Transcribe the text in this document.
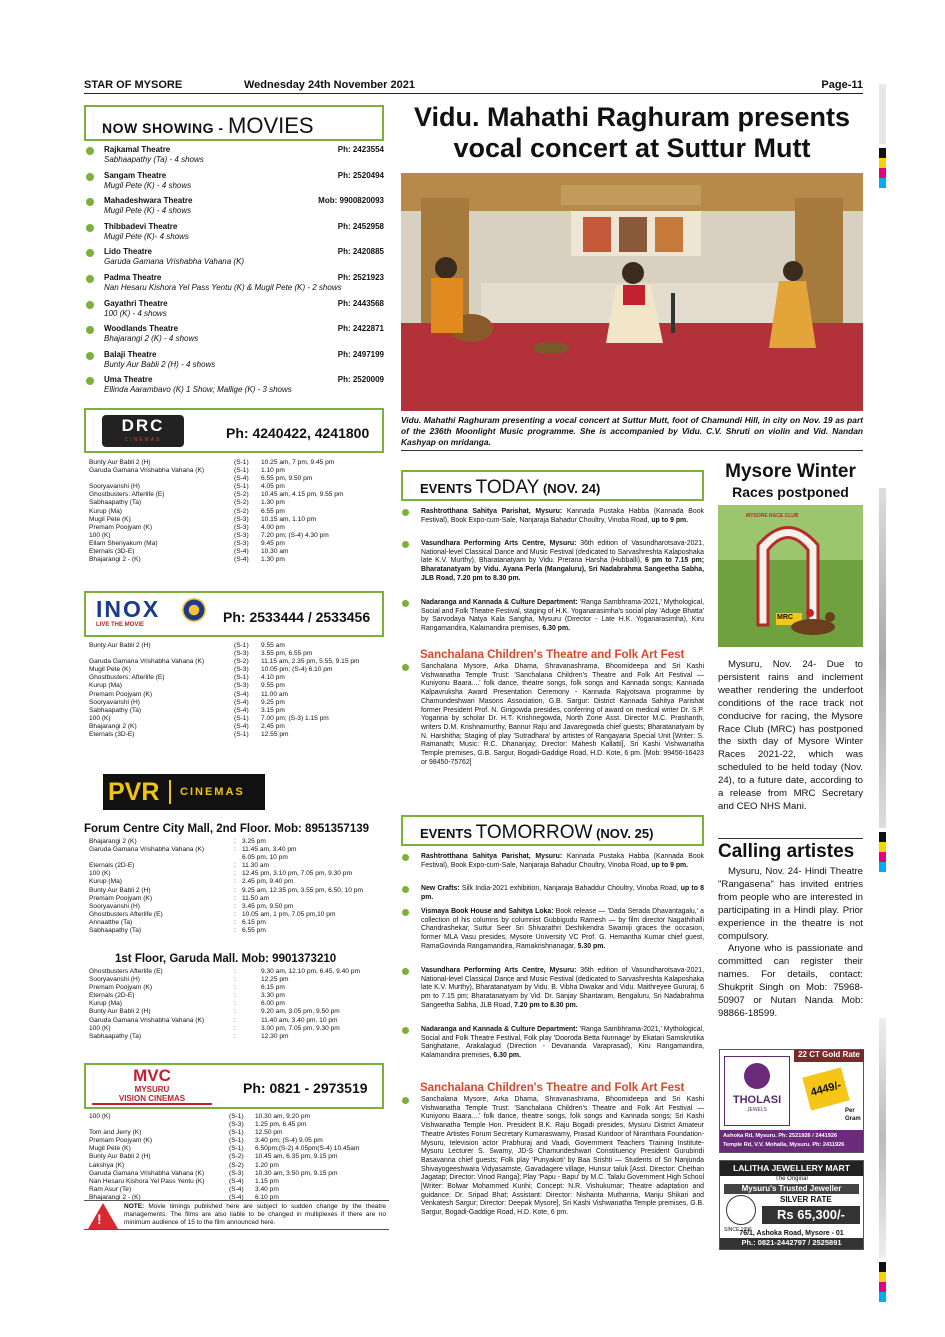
STAR OF MYSORE	Wednesday 24th November 2021	Page-11
NOW SHOWING - MOVIES
Rajkamal Theatre	Ph: 2423554
Sabhaapathy (Ta) - 4 shows
Sangam Theatre	Ph: 2520494
Mugil Pete (K) - 4 shows
Mahadeshwara Theatre	Mob: 9900820093
Mugil Pete (K) - 4 shows
Thibbadevi Theatre	Ph: 2452958
Mugil Pete (K)- 4 shows
Lido Theatre	Ph: 2420885
Garuda Gamana Vrishabha Vahana (K)
Padma Theatre	Ph: 2521923
Nan Hesaru Kishora Yel Pass Yentu (K) & Mugil Pete (K) - 2 shows
Gayathri Theatre	Ph: 2443568
100 (K) - 4 shows
Woodlands Theatre	Ph: 2422871
Bhajarangi 2 (K) - 4 shows
Balaji Theatre	Ph: 2497199
Bunty Aur Babli 2 (H) - 4 shows
Uma Theatre	Ph: 2520009
Ellinda Aarambavo (K) 1 Show; Mallige (K) - 3 shows
DRC
CINEMAS	Ph: 4240422, 4241800
Bunty Aur Babli 2 (H)	(S-1) 10.25 am, 7 pm, 9.45 pm
Garuda Gamana Vrishabha Vahana (K)	(S-1) 1.10 pm
(S-4) 6.55 pm, 9.50 pm
Sooryavanshi (H)	(S-1) 4.05 pm
Ghostbusters: Afterlife (E)	(S-2) 10.45 am, 4.15 pm, 9.55 pm
Sabhaapathy (Ta)	(S-2) 1.30 pm
Kurup (Ma)	(S-2) 6.55 pm
Mugil Pete (K)	(S-3) 10.15 am, 1.10 pm
Premam Poojyam (K)	(S-3) 4.00 pm
100 (K)	(S-3) 7.20 pm; (S-4) 4.30 pm
Ellam Sheriyakum (Ma)	(S-3) 9.45 pm
Eternals (3D-E)	(S-4) 10.30 am
Bhajarangi 2 - (K)	(S-4) 1.30 pm
INOX
LIVE THE MOVIE	Ph: 2533444 / 2533456
Bunty Aur Babli 2 (H)	(S-1) 9.55 am
(S-3) 3.55 pm, 6.55 pm
Garuda Gamana Vrishabha Vahana (K)	(S-2) 11.15 am, 2.35 pm, 5.55, 9.15 pm
Mugil Pete (K)	(S-3) 10.05 pm; (S-4) 6.10 pm
Ghostbusters: Afterlife (E)	(S-1) 4.10 pm
Kurup (Ma)	(S-3) 9.55 pm
Premam Poojyam (K)	(S-4) 11.00 am
Sooryavanshi (H)	(S-4) 9.25 pm
Sabhaapathy (Ta)	(S-4) 3.15 pm
100 (K)	(S-1) 7.00 pm; (S-3) 1.15 pm
Bhajarangi 2 (K)	(S-4) 2.45 pm
Eternals (3D-E)	(S-1) 12.55 pm
PVR CINEMAS
Forum Centre City Mall, 2nd Floor. Mob: 8951357139
Bhajarangi 2 (K)	: 3.25 pm
Garuda Gamana Vrishabha Vahana (K)	: 11.45 am, 3.40 pm
6.05 pm, 10 pm
Eternals (2D-E)	: 11.30 am
100 (K)	: 12.45 pm, 3.10 pm, 7.05 pm, 9.30 pm
Kurup (Ma)	: 2.45 pm, 9.40 pm
Bunty Aur Babli 2 (H)	: 9.25 am, 12.35 pm, 3.55 pm, 6.50, 10 pm
Premam Poojyam (K)	: 11.50 am
Sooryavanshi (H)	: 3.45 pm, 9.50 pm
Ghostbusters Afterlife (E)	: 10.05 am, 1 pm, 7.05 pm,10 pm
Annaatthe (Ta)	: 6.15 pm
Sabhaapathy (Ta)	: 6.55 pm
1st Floor, Garuda Mall. Mob: 9901373210
Ghostbusters Afterlife (E)	:	9.30 am, 12.10 pm, 6.45, 9.40 pm
Sooryavanshi (H)	:	12.25 pm
Premam Poojyam (K)	:	6.15 pm
Eternals (2D-E)	:	3.30 pm
Kurup (Ma)	:	6.00 pm
Bunty Aur Babli 2 (H)	:	9.20 am, 3.05 pm, 9.50 pm
Garuda Gamana Vrishabha Vahana (K)	:	11.40 am, 3.40 pm, 10 pm
100 (K)	:	3.00 pm, 7.05 pm, 9.30 pm
Sabhaapathy (Ta)	:	12.30 pm
MVC
MYSURU
VISION CINEMAS
Ph: 0821 - 2973519
100 (K)	(S-1) 10.30 am, 9.20 pm
(S-3) 1.25 pm, 6.45 pm
Tom and Jerry (K)	(S-1) 12.50 pm
Premam Poojyam (K)	(S-1) 3.40 pm; (S-4) 9.05 pm
Mugil Pete (K)	(S-1) 6.50pm;(S-2) 4.05pm(S-4) 10.45am
Bunty Aur Babli 2 (H)	(S-2) 10.45 am, 6.35 pm, 9.15 pm
Lakshya (K)	(S-2) 1.20 pm
Garuda Gamana Vrishabha Vahana (K)	(S-3) 10.30 am, 3.50 pm, 9.15 pm
Nan Hesaru Kishora Yel Pass Yentu (K)	(S-4) 1.15 pm
Ram Asur (Te)	(S-4) 3.40 pm
Bhajarangi 2 - (K)	(S-4) 6.10 pm
!
NOTE: Movie timings published here are subject to sudden change by the theatre managements. The films are also liable to be changed in multiplexes if there are no minimum audience of 15 to the film announced here.
Vidu. Mahathi Raghuram presents vocal concert at Suttur Mutt
Vidu. Mahathi Raghuram presenting a vocal concert at Suttur Mutt, foot of Chamundi Hill, in city on Nov. 19 as part of the 236th Moonlight Music programme. She is accompanied by Vidu. C.V. Shruti on violin and Vid. Nandan Kashyap on mridanga.
EVENTS TODAY (NOV. 24)
Rashtrotthana Sahitya Parishat, Mysuru: Kannada Pustaka Habba (Kannada Book Festival), Book Expo-cum-Sale, Nanjaraja Bahadur Choultry, Vinoba Road, up to 9 pm.
Vasundhara Performing Arts Centre, Mysuru: 36th edition of Vasundharotsava-2021, National-level Classical Dance and Music Festival (dedicated to Sarvashreshta Kalaposhaka late K.V. Murthy), Bharatanatyam by Vidu. Prerana Harsha (Hubballi), 6 pm to 7.15 pm; Bharatanatyam by Vidu. Ayana Perla (Mangaluru), Sri Nadabrahma Sangeetha Sabha, JLB Road, 7.20 pm to 8.30 pm.
Nadaranga and Kannada & Culture Department: 'Ranga Sambhrama-2021,' Mythological, Social and Folk Theatre Festival, staging of H.K. Yoganarasimha's social play 'Aduge Bhatta' by Sarvodaya Natya Kala Sangha, Mysuru (Director - Late H.K. Yoganarasimha), Kiru Rangamandira, Kalamandira premises, 6.30 pm.
Sanchalana Children's Theatre and Folk Art Fest
Sanchalana Mysore, Arka Dhama, Shravanashrama, Bhoomideepa and Sri Kashi Vishwanatha Temple Trust: 'Sanchalana Children's Theatre and Folk Art Festival — Kuniyonu Baara....' folk dance, theatre songs, folk songs and Kannada songs; Kannada Kalpavruksha Award Presentation Ceremony - Kannada Rajyotsava programme by Chamundeshwari Masons Association, G.B. Sargur: District Kannada Sahitya Parishat former President Prof. N. Girigowda presides, conferring of award on medical writer Dr. S.P. Yoganna by scholar Dr. H.T. Krishnegowda, North Zone Asst. Director M.C. Prashanth, writers D.M. Krishnamurthy, Bannur Raju and Javaregowda chief guests; Bharatanatyam by N. Harshitha; Staging of play 'Sutradhara' by artistes of Rangayana Special Unit [Writer: S. Ramanath; Music: R.C. Dhananjay; Director: Mahesh Kallatti], Sri Kashi Vishwanatha Temple premises, G.B. Sargur, Bogadi-Gaddige Road, H.D. Kote, 6 pm. [Mob: 99456-16423 or 98450-75762]
EVENTS TOMORROW (NOV. 25)
Rashtrotthana Sahitya Parishat, Mysuru: Kannada Pustaka Habba (Kannada Book Festival), Book Expo-cum-Sale, Nanjaraja Bahadur Choultry, Vinoba Road, up to 9 pm.
New Crafts: Silk India-2021 exhibition, Nanjaraja Bahaddur Choultry, Vinoba Road, up to 8 pm.
Vismaya Book House and Sahitya Loka: Book release — 'Dada Serada Dhavantagalu,' a collection of his columns by columnist Gubbigudu Ramesh — by film director Nagathihalli Chandrashekar, Suttur Seer Sri Shivarathri Deshikendra Swamiji graces the occasion, former MLA Vasu presides, Mysore University VC Prof. G. Hemantha Kumar chief guest, RamaGovinda Rangamandira, Ramakrishnanagar, 5.30 pm.
Vasundhara Performing Arts Centre, Mysuru: 36th edition of Vasundharotsava-2021, National-level Classical Dance and Music Festival (dedicated to Sarvashreshta Kalaposhaka late K.V. Murthy), Bharatanatyam by Vidu. B. Vibha Diwakar and Vidu. Maithreyee Gururaj, 6 pm to 7.15 pm; Bharatanatyam by Vid. Dr. Sanjay Shantaram, Bengaluru, Sri Nadabrahma Sangeetha Sabha, JLB Road, 7.20 pm to 8.30 pm.
Nadaranga and Kannada & Culture Department: 'Ranga Sambhrama-2021,' Mythological, Social and Folk Theatre Festival, Folk play 'Dooroda Betta Nunnage' by Ekatari Samskrutika Sanghatane, Arakalagud (Direction - Devananda Varaprasad), Kiru Rangamandira, Kalamandira premises, 6.30 pm.
Sanchalana Children's Theatre and Folk Art Fest
Sanchalana Mysore, Arka Dhama, Shravanashrama, Bhoomideepa and Sri Kashi Vishwanatha Temple Trust: 'Sanchalana Children's Theatre and Folk Art Festival — Kuniyonu Baara....' folk dance, theatre songs, folk songs and Kannada songs; Sri Kashi Vishwanatha Temple Hon. President B.K. Raju Bogadi presides, Mysuru District Amateur Theatre Artistes Forum Secretary Kumaraswamy, Prasad Kundoor of Niranthara Foundation-Mysuru, television actor Prabhuraj and Vaadi, Government Teachers Training Institute-Mysuru Lecturer S. Swamy, JD-S Chamundeshwari Constituency President Gurubindi Basavanna chief guests; Folk play 'Punyakoti' by Baa Srishti — Students of Sri Nanjunda Shivayogeeshwara Vidyasamste, Gavadagere village, Hunsur taluk [Asst. Director: Chethan Jagatap; Director: Vinod Ranga]; Play 'Papu - Bapu' by M.C. Talalu Government High School [Writer: Bolwar Mohammed Kunhi; Concept: N.R. Vishukumar; Theatre adaptation and guidance: Dr. Sripad Bhat; Assistant: Director: Nishanta Muthanna, Manju Shikari and Venkatesh Sargur; Director: Deepak Mysore], Sri Kashi Vishwanatha Temple premises, G.B. Sargur, Bogadi-Gaddige Road, H.D. Kote, 6 pm.
Mysore Winter
Races postponed
MYSORE RACE CLUB
MRC

Mysuru, Nov. 24- Due to persistent rains and inclement weather rendering the underfoot conditions of the race track not conducive for racing, the Mysore Race Club (MRC) has postponed the sixth day of Mysore Winter Races 2021-22, which was scheduled to be held today (Nov. 24), to a future date, according to a release from MRC Secretary and CEO NHS Mani.

Calling artistes

Mysuru, Nov. 24- Hindi Theatre "Rangasena" has invited entries from people who are interested in participating in a Hindi play. Prior experience in the theatre is not compulsory.

Anyone who is passionate and committed can register their names. For details, contact: Shukprit Singh on Mob: 75968-50907 or Nutan Nanda Mob: 98866-18599.

THOLASI
JEWELS
22 CT Gold Rate
4449/-
Per Gram
Ashoka Rd, Mysuru. Ph: 2521926 / 2441926
Temple Rd, V.V. Mohalla, Mysuru. Ph: 2411926
LALITHA JEWELLERY MART
The Original
Mysuru's Trusted Jeweller
SINCE 1996
SILVER RATE
Rs 65,300/-
76/1, Ashoka Road, Mysore - 01
Ph.: 0821-2442797 / 2525891
